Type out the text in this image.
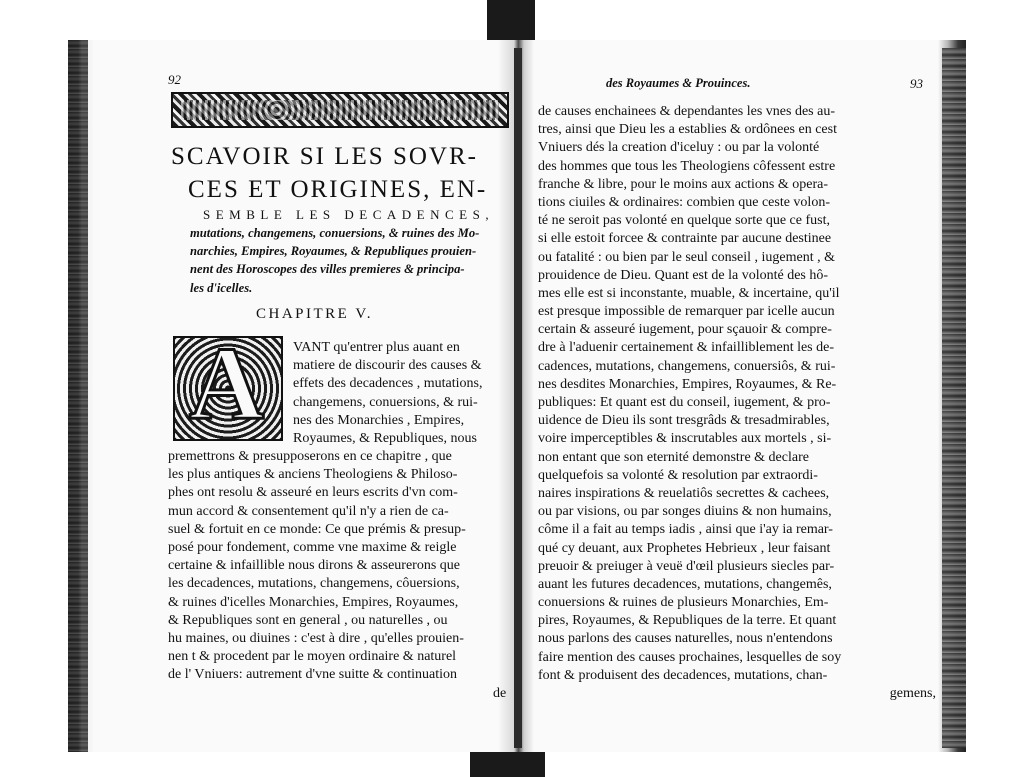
92
SCAVOIR SI LES SOVR-
CES ET ORIGINES, EN-
SEMBLE LES DECADENCES,
mutations, changemens, conuersions, & ruines des Mo-
narchies, Empires, Royaumes, & Republiques prouien-
nent des Horoscopes des villes premieres & principa-
les d'icelles.
CHAPITRE V.
A VANT qu'entrer plus auant en
matiere de discourir des causes &
effets des decadences , mutations,
changemens, conuersions, & rui-
nes des Monarchies , Empires,
Royaumes, & Republiques, nous
premettrons & presupposerons en ce chapitre , que
les plus antiques & anciens Theologiens & Philoso-
phes ont resolu & asseuré en leurs escrits d'vn com-
mun accord & consentement qu'il n'y a rien de ca-
suel & fortuit en ce monde: Ce que prémis & presup-
posé pour fondement, comme vne maxime & reigle
certaine & infaillible nous dirons & asseurerons que
les decadences, mutations, changemens, côuersions,
& ruines d'icelles Monarchies, Empires, Royaumes,
& Republiques sont en general , ou naturelles , ou
hu maines, ou diuines : c'est à dire , qu'elles prouien-
nen t & procedent par le moyen ordinaire & naturel
de l' Vniuers: autrement d'vne suitte & continuation
de
des Royaumes & Prouinces.	93
de causes enchainees & dependantes les vnes des au-
tres, ainsi que Dieu les a establies & ordônees en cest
Vniuers dés la creation d'iceluy : ou par la volonté
des hommes que tous les Theologiens côfessent estre
franche & libre, pour le moins aux actions & opera-
tions ciuiles & ordinaires: combien que ceste volon-
té ne seroit pas volonté en quelque sorte que ce fust,
si elle estoit forcee & contrainte par aucune destinee
ou fatalité : ou bien par le seul conseil , iugement , &
prouidence de Dieu. Quant est de la volonté des hô-
mes elle est si inconstante, muable, & incertaine, qu'il
est presque impossible de remarquer par icelle aucun
certain & asseuré iugement, pour sçauoir & compre-
dre à l'aduenir certainement & infailliblement les de-
cadences, mutations, changemens, conuersiôs, & rui-
nes desdites Monarchies, Empires, Royaumes, & Re-
publiques: Et quant est du conseil, iugement, & pro-
uidence de Dieu ils sont tresgrâds & tresadmirables,
voire imperceptibles & inscrutables aux mortels , si-
non entant que son eternité demonstre & declare
quelquefois sa volonté & resolution par extraordi-
naires inspirations & reuelatiôs secrettes & cachees,
ou par visions, ou par songes diuins & non humains,
côme il a fait au temps iadis , ainsi que i'ay ia remar-
qué cy deuant, aux Prophetes Hebrieux , leur faisant
preuoir & preiuger à veuë d'œil plusieurs siecles par-
auant les futures decadences, mutations, changemês,
conuersions & ruines de plusieurs Monarchies, Em-
pires, Royaumes, & Republiques de la terre. Et quant
nous parlons des causes naturelles, nous n'entendons
faire mention des causes prochaines, lesquelles de soy
font & produisent des decadences, mutations, chan-
gemens,
